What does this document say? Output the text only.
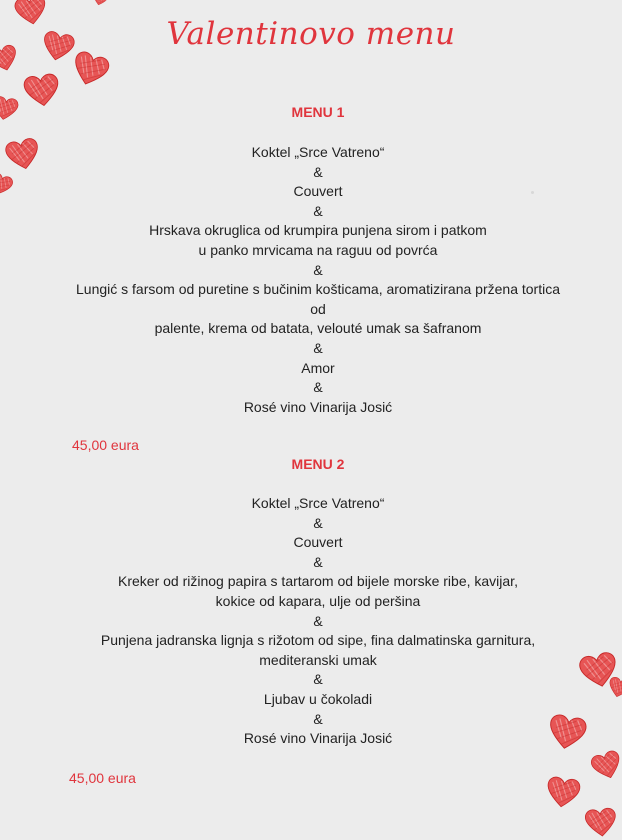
Valentinovo menu
MENU 1
Koktel „Srce Vatreno“
&
Couvert
&
Hrskava okruglica od krumpira punjena sirom i patkom
u panko mrvicama na raguu od povrća
&
Lungić s farsom od puretine s bučinim košticama, aromatizirana pržena tortica
od
palente, krema od batata, velouté umak sa šafranom
&
Amor
&
Rosé vino Vinarija Josić
45,00 eura
MENU 2
Koktel „Srce Vatreno“
&
Couvert
&
Kreker od rižinog papira s tartarom od bijele morske ribe, kavijar,
kokice od kapara, ulje od peršina
&
Punjena jadranska lignja s rižotom od sipe, fina dalmatinska garnitura,
mediteranski umak
&
Ljubav u čokoladi
&
Rosé vino Vinarija Josić
45,00 eura
